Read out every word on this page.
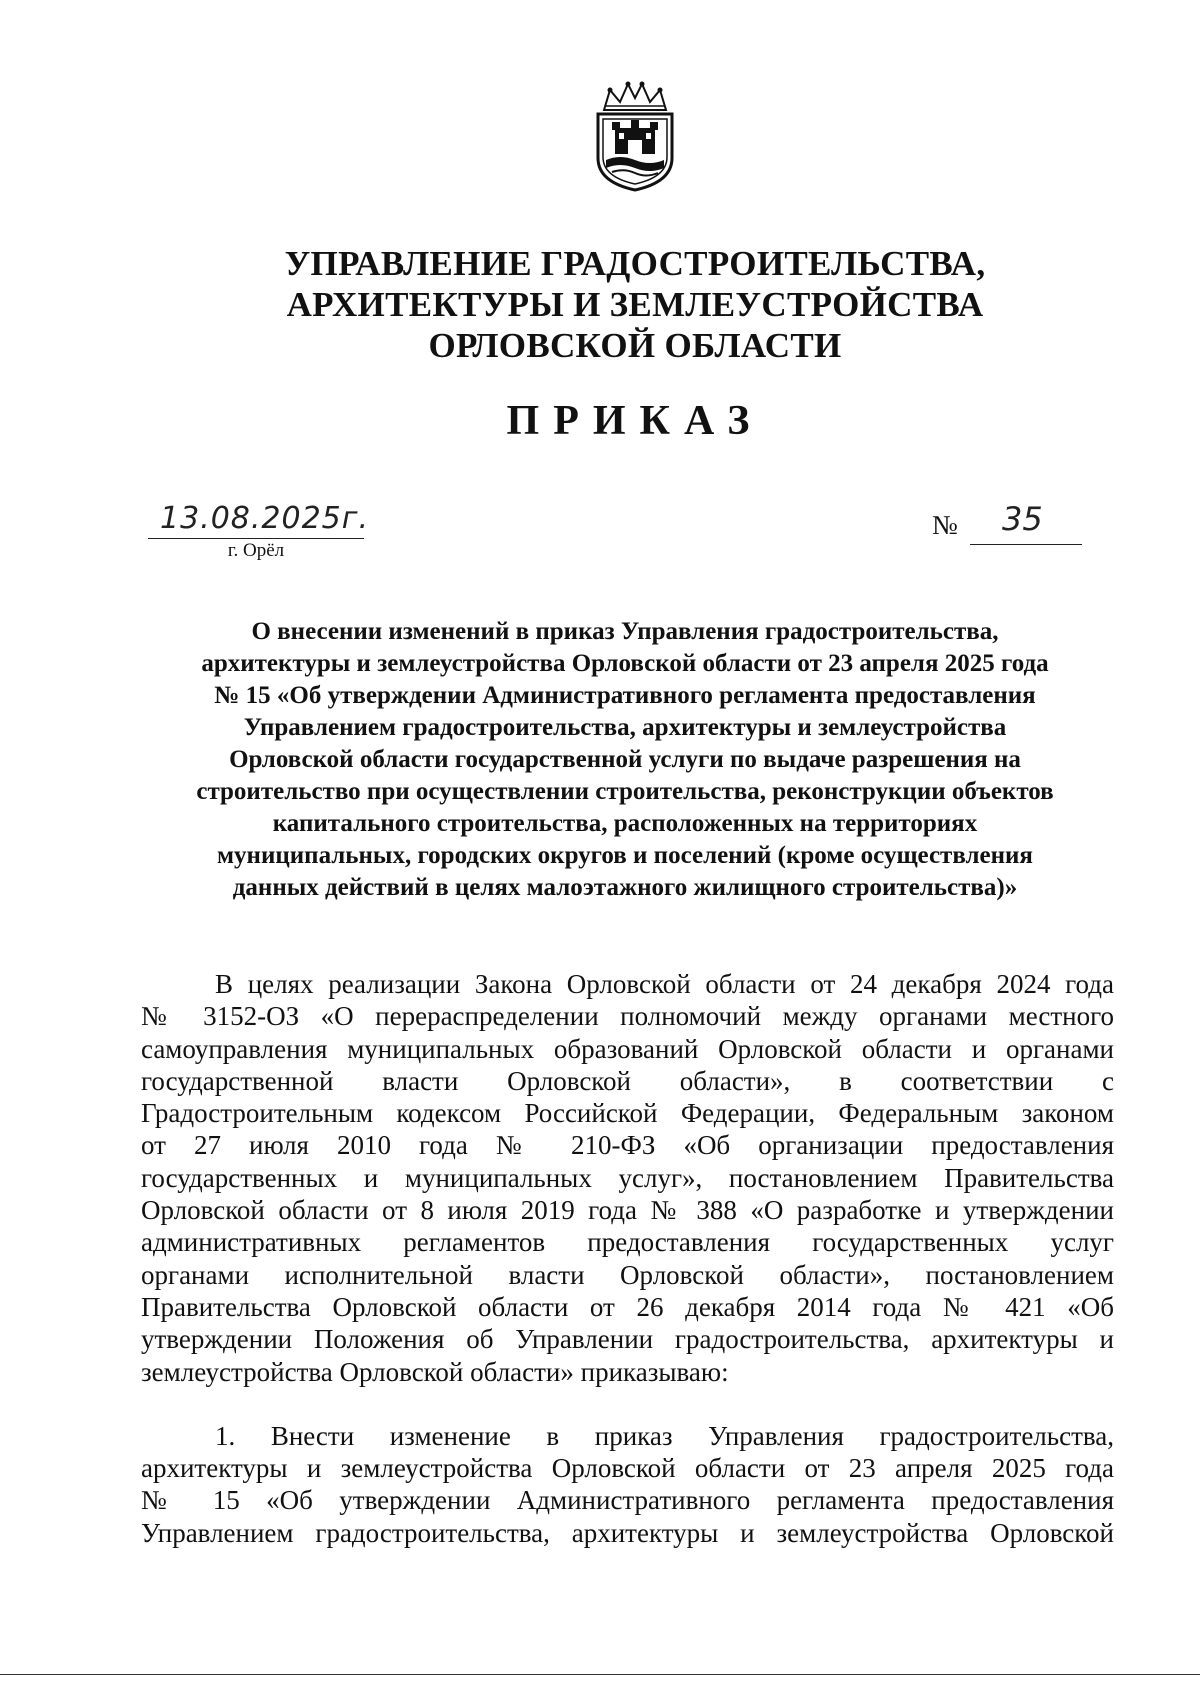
УПРАВЛЕНИЕ ГРАДОСТРОИТЕЛЬСТВА,
АРХИТЕКТУРЫ И ЗЕМЛЕУСТРОЙСТВА
ОРЛОВСКОЙ ОБЛАСТИ
ПРИКАЗ
13.08.2025г.
г. Орёл
№ 35
О внесении изменений в приказ Управления градостроительства,
архитектуры и землеустройства Орловской области от 23 апреля 2025 года
№ 15 «Об утверждении Административного регламента предоставления
Управлением градостроительства, архитектуры и землеустройства
Орловской области государственной услуги по выдаче разрешения на
строительство при осуществлении строительства, реконструкции объектов
капитального строительства, расположенных на территориях
муниципальных, городских округов и поселений (кроме осуществления
данных действий в целях малоэтажного жилищного строительства)»
В целях реализации Закона Орловской области от 24 декабря 2024 года
№ 3152-ОЗ «О перераспределении полномочий между органами местного
самоуправления муниципальных образований Орловской области и органами
государственной власти Орловской области», в соответствии с
Градостроительным кодексом Российской Федерации, Федеральным законом
от 27 июля 2010 года № 210-ФЗ «Об организации предоставления
государственных и муниципальных услуг», постановлением Правительства
Орловской области от 8 июля 2019 года № 388 «О разработке и утверждении
административных регламентов предоставления государственных услуг
органами исполнительной власти Орловской области», постановлением
Правительства Орловской области от 26 декабря 2014 года № 421 «Об
утверждении Положения об Управлении градостроительства, архитектуры и
землеустройства Орловской области» приказываю:
1. Внести изменение в приказ Управления градостроительства,
архитектуры и землеустройства Орловской области от 23 апреля 2025 года
№ 15 «Об утверждении Административного регламента предоставления
Управлением градостроительства, архитектуры и землеустройства Орловской
